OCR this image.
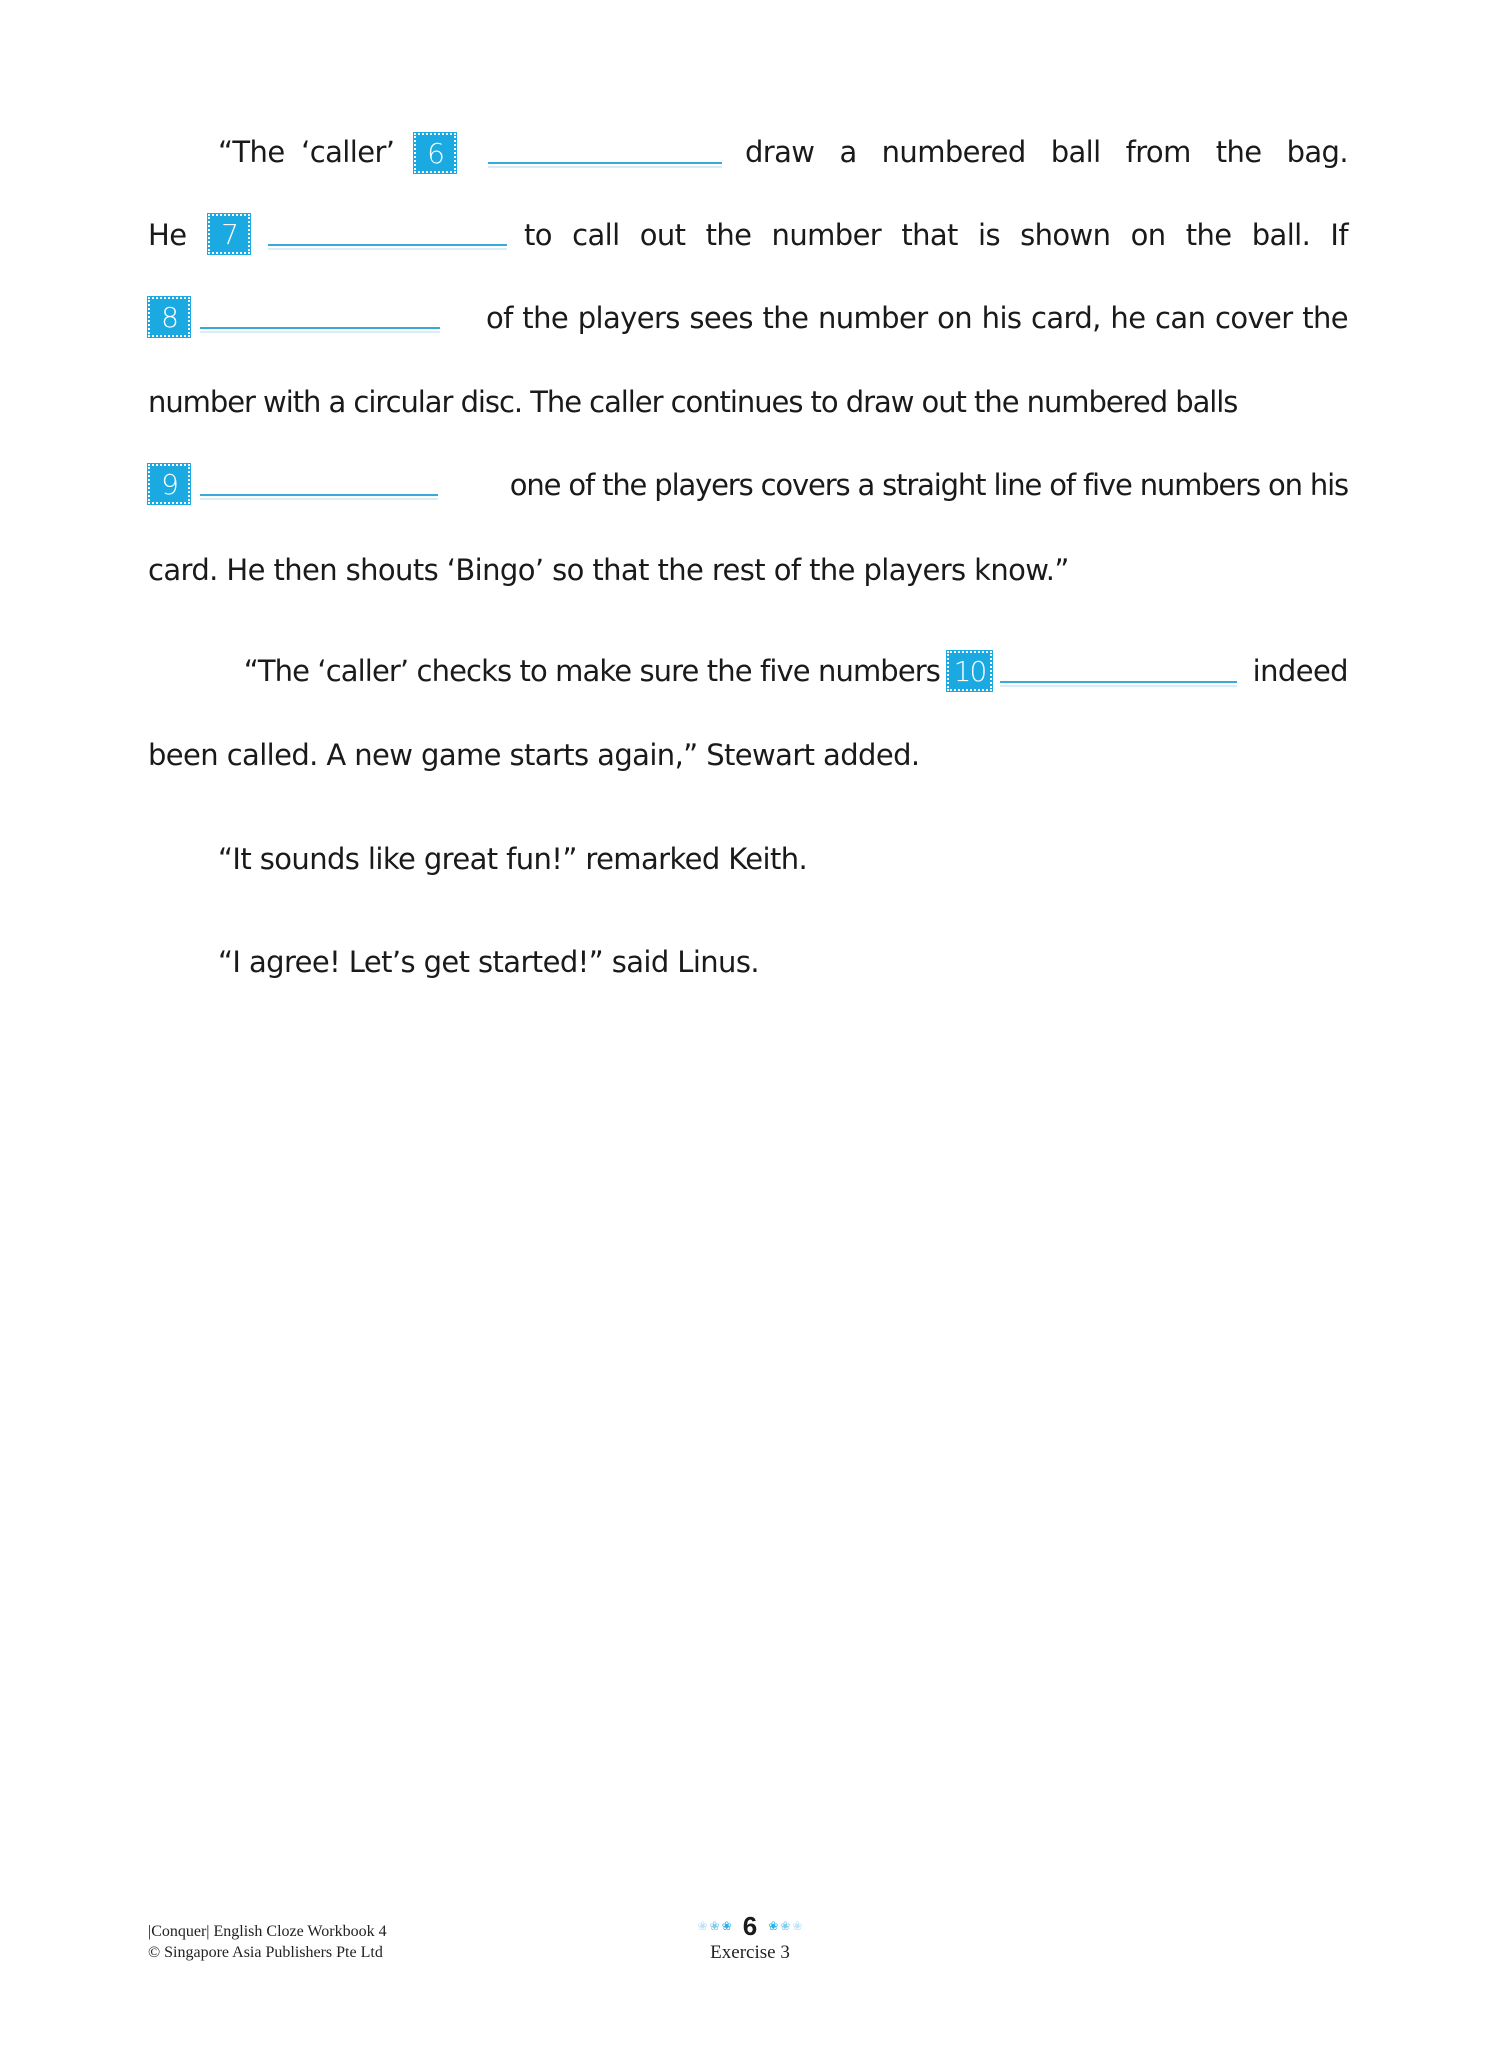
“The ‘caller’	6	draw a numbered ball from the bag.
He	7	to call out the number that is shown on the ball. If
8	of the players sees the number on his card, he can cover the
number with a circular disc. The caller continues to draw out the numbered balls
9	one of the players covers a straight line of five numbers on his
card. He then shouts ‘Bingo’ so that the rest of the players know.”
“The ‘caller’ checks to make sure the five numbers 10	indeed
been called. A new game starts again,” Stewart added.
“It sounds like great fun!” remarked Keith.
“I agree! Let’s get started!” said Linus.
|Conquer| English Cloze Workbook 4
© Singapore Asia Publishers Pte Ltd
❀ ❀ ❀ 6 ❀ ❀ ❀
Exercise 3
